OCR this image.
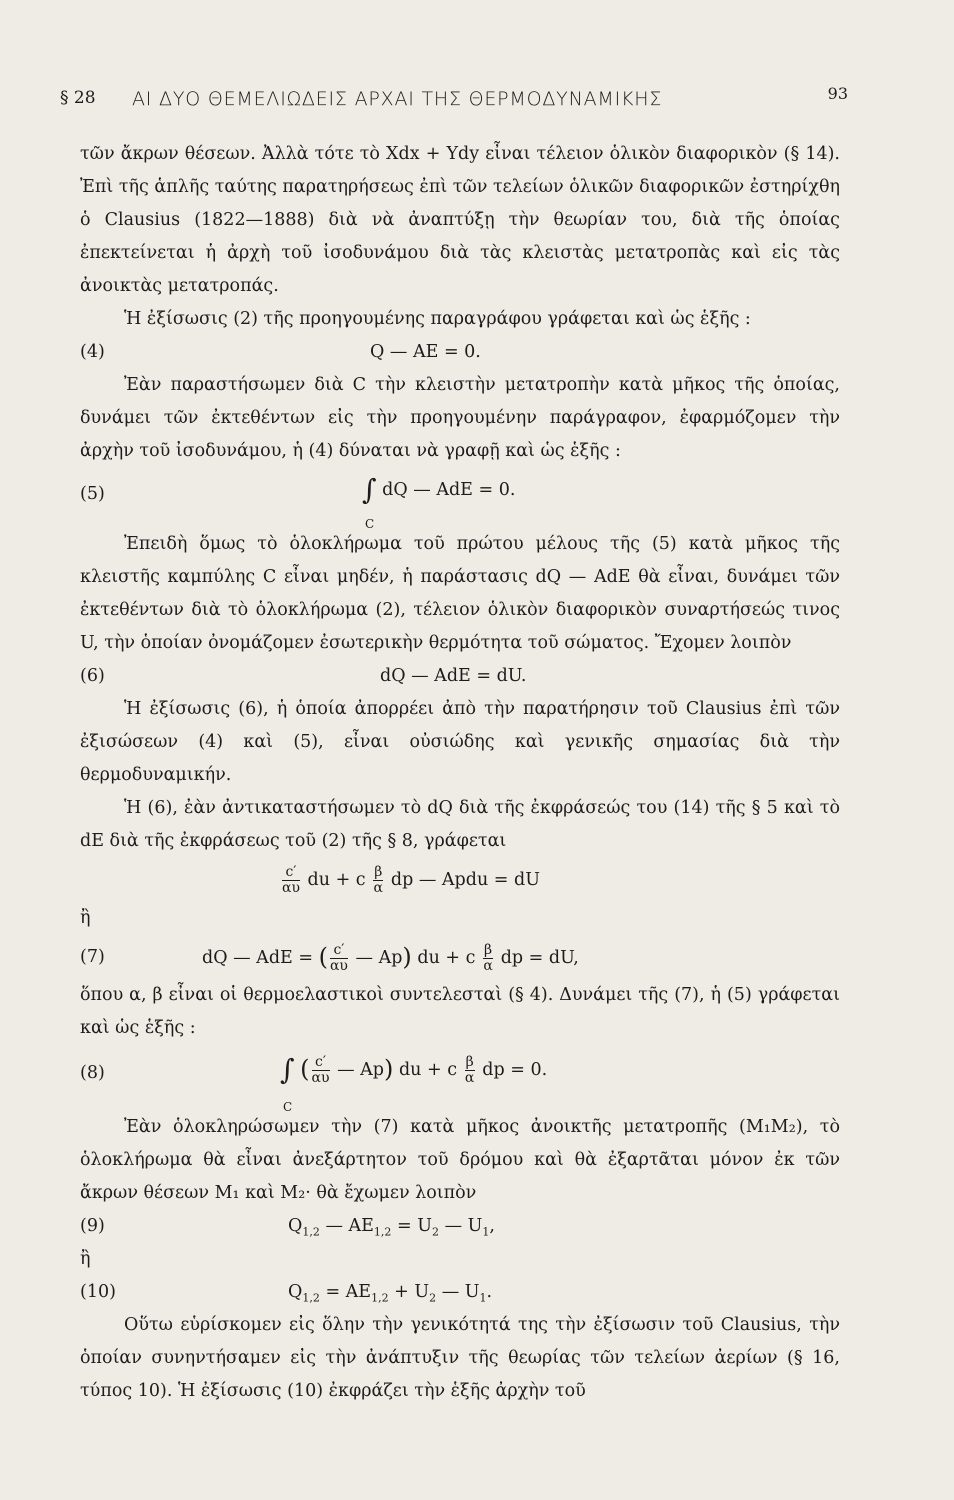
§ 28 ΑΙ ΔΥΟ ΘΕΜΕΛΙΩΔΕΙΣ ΑΡΧΑΙ ΤΗΣ ΘΕΡΜΟΔΥΝΑΜΙΚΗΣ	93

τῶν ἄκρων θέσεων. Ἀλλὰ τότε τὸ Xdx + Ydy εἶναι τέλειον ὁλικὸν διαφορικὸν (§ 14). Ἐπὶ τῆς ἁπλῆς ταύτης παρατηρήσεως ἐπὶ τῶν τελείων ὁλικῶν διαφορικῶν ἐστηρίχθη ὁ Clausius (1822—1888) διὰ νὰ ἀναπτύξῃ τὴν θεωρίαν του, διὰ τῆς ὁποίας ἐπεκτείνεται ἡ ἀρχὴ τοῦ ἰσοδυνάμου διὰ τὰς κλειστὰς μετατροπὰς καὶ εἰς τὰς ἀνοικτὰς μετατροπάς.

Ἡ ἐξίσωσις (2) τῆς προηγουμένης παραγράφου γράφεται καὶ ὡς ἑξῆς :

(4)	Q — AE = 0.

Ἐὰν παραστήσωμεν διὰ C τὴν κλειστὴν μετατροπὴν κατὰ μῆκος τῆς ὁποίας, δυνάμει τῶν ἐκτεθέντων εἰς τὴν προηγουμένην παράγραφον, ἐφαρμόζομεν τὴν ἀρχὴν τοῦ ἰσοδυνάμου, ἡ (4) δύναται νὰ γραφῇ καὶ ὡς ἑξῆς :

(5)	∫ dQ — AdE = 0.
C

Ἐπειδὴ ὅμως τὸ ὁλοκλήρωμα τοῦ πρώτου μέλους τῆς (5) κατὰ μῆκος τῆς κλειστῆς καμπύλης C εἶναι μηδέν, ἡ παράστασις dQ — AdE θὰ εἶναι, δυνάμει τῶν ἐκτεθέντων διὰ τὸ ὁλοκλήρωμα (2), τέλειον ὁλικὸν διαφορικὸν συναρτήσεώς τινος U, τὴν ὁποίαν ὀνομάζομεν ἐσωτερικὴν θερμότητα τοῦ σώματος. Ἔχομεν λοιπὸν

(6)	dQ — AdE = dU.

Ἡ ἐξίσωσις (6), ἡ ὁποία ἀπορρέει ἀπὸ τὴν παρατήρησιν τοῦ Clausius ἐπὶ τῶν ἐξισώσεων (4) καὶ (5), εἶναι οὐσιώδης καὶ γενικῆς σημασίας διὰ τὴν θερμοδυναμικήν.

Ἡ (6), ἐὰν ἀντικαταστήσωμεν τὸ dQ διὰ τῆς ἐκφράσεώς του (14) τῆς § 5 καὶ τὸ dE διὰ τῆς ἐκφράσεως τοῦ (2) τῆς § 8, γράφεται

$\frac{c'}{\alpha\upsilon}$ du + c $\frac{\beta}{\alpha}$ dp — Apdu = dU

ἢ

(7)	dQ — AdE = ( $\frac{c'}{\alpha\upsilon}$ — Ap) du + c $\frac{\beta}{\alpha}$ dp = dU,

ὅπου α, β εἶναι οἱ θερμοελαστικοὶ συντελεσταὶ (§ 4). Δυνάμει τῆς (7), ἡ (5) γράφεται καὶ ὡς ἑξῆς :

(8)	∫ ( $\frac{c'}{\alpha\upsilon}$ — Ap) du + c $\frac{\beta}{\alpha}$ dp = 0.
C

Ἐὰν ὁλοκληρώσωμεν τὴν (7) κατὰ μῆκος ἀνοικτῆς μετατροπῆς (M₁M₂), τὸ ὁλοκλήρωμα θὰ εἶναι ἀνεξάρτητον τοῦ δρόμου καὶ θὰ ἐξαρτᾶται μόνον ἐκ τῶν ἄκρων θέσεων M₁ καὶ M₂· θὰ ἔχωμεν λοιπὸν

(9)	$Q_{1,2}$ — $AE_{1,2} = U_2$ — $U_1$,

ἢ

(10)	$Q_{1,2} = AE_{1,2} + U_2$ — $U_1$.

Οὕτω εὑρίσκομεν εἰς ὅλην τὴν γενικότητά της τὴν ἐξίσωσιν τοῦ Clausius, τὴν ὁποίαν συνηντήσαμεν εἰς τὴν ἀνάπτυξιν τῆς θεωρίας τῶν τελείων ἀερίων (§ 16, τύπος 10). Ἡ ἐξίσωσις (10) ἐκφράζει τὴν ἑξῆς ἀρχὴν τοῦ
